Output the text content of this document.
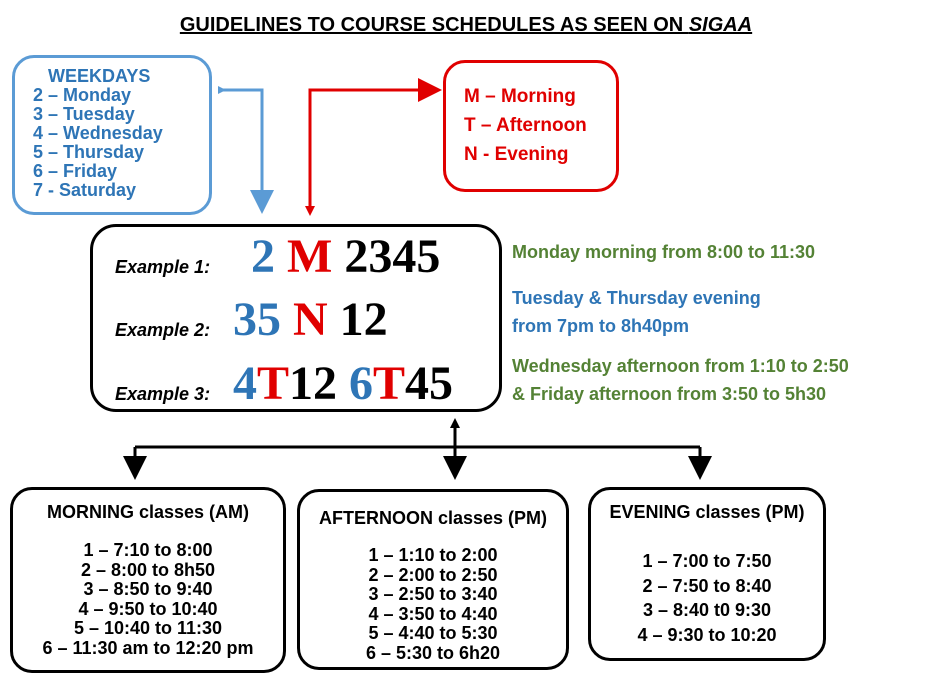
GUIDELINES TO COURSE SCHEDULES AS SEEN ON SIGAA
WEEKDAYS
2 – Monday
3 – Tuesday
4 – Wednesday
5 – Thursday
6 – Friday
7 - Saturday
M – Morning
T – Afternoon
N - Evening
Example 1: 2 M 2345
Example 2: 35 N 12
Example 3: 4T12 6T45
Monday morning from 8:00 to 11:30
Tuesday & Thursday evening
from 7pm to 8h40pm
Wednesday afternoon from 1:10 to 2:50
& Friday afternoon from 3:50 to 5h30
MORNING classes (AM)
1 – 7:10 to 8:00
2 – 8:00 to 8h50
3 – 8:50 to 9:40
4 – 9:50 to 10:40
5 – 10:40 to 11:30
6 – 11:30 am to 12:20 pm
AFTERNOON classes (PM)
1 – 1:10 to 2:00
2 – 2:00 to 2:50
3 – 2:50 to 3:40
4 – 3:50 to 4:40
5 – 4:40 to 5:30
6 – 5:30 to 6h20
EVENING classes (PM)
1 – 7:00 to 7:50
2 – 7:50 to 8:40
3 – 8:40 t0 9:30
4 – 9:30 to 10:20
